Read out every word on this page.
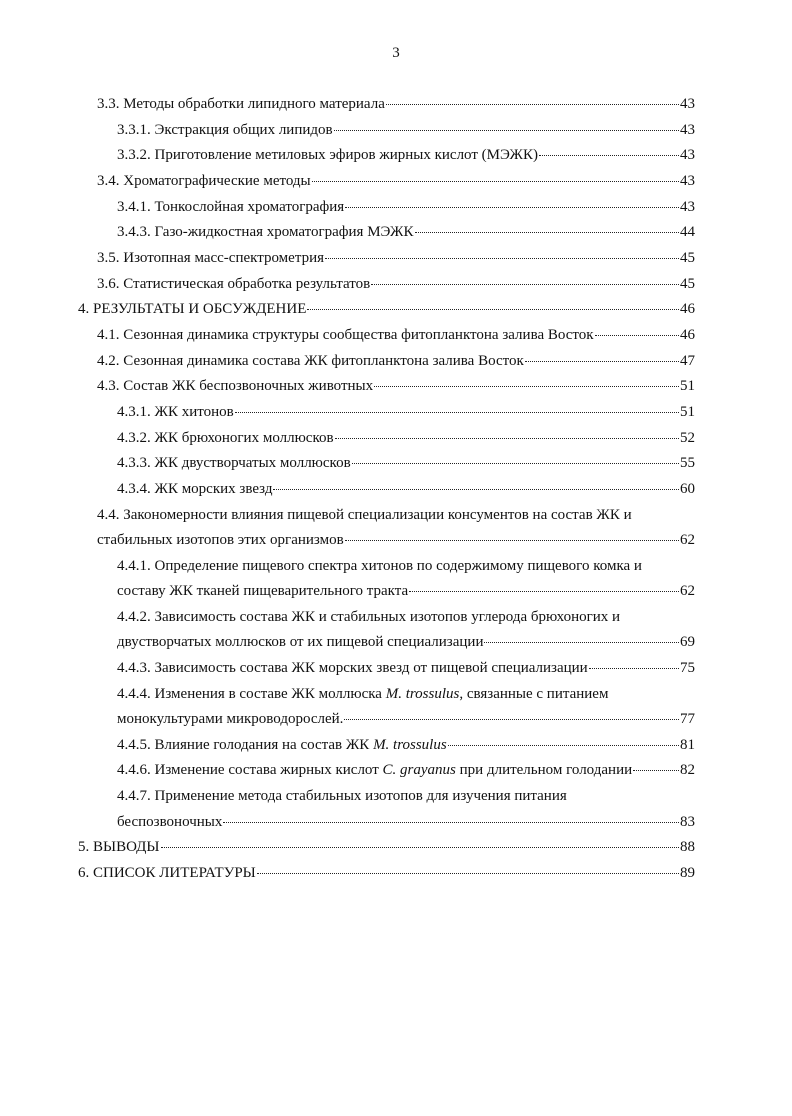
3
3.3. Методы обработки липидного материала	43
3.3.1. Экстракция общих липидов	43
3.3.2. Приготовление метиловых эфиров жирных кислот (МЭЖК)	43
3.4. Хроматографические методы	43
3.4.1. Тонкослойная хроматография	43
3.4.3. Газо-жидкостная хроматография МЭЖК	44
3.5. Изотопная масс-спектрометрия	45
3.6. Статистическая обработка результатов	45
4. РЕЗУЛЬТАТЫ И ОБСУЖДЕНИЕ	46
4.1. Сезонная динамика структуры сообщества фитопланктона залива Восток	46
4.2. Сезонная динамика состава ЖК фитопланктона залива Восток	47
4.3. Состав ЖК беспозвоночных животных	51
4.3.1. ЖК хитонов	51
4.3.2. ЖК брюхоногих моллюсков	52
4.3.3. ЖК двустворчатых моллюсков	55
4.3.4. ЖК морских звезд	60
4.4. Закономерности влияния пищевой специализации консументов на состав ЖК и
стабильных изотопов этих организмов	62
4.4.1. Определение пищевого спектра хитонов по содержимому пищевого комка и
составу ЖК тканей пищеварительного тракта	62
4.4.2. Зависимость состава ЖК и стабильных изотопов углерода брюхоногих и
двустворчатых моллюсков от их пищевой специализации	69
4.4.3. Зависимость состава ЖК морских звезд от пищевой специализации	75
4.4.4. Изменения в составе ЖК моллюска M. trossulus, связанные с питанием
монокультурами микроводорослей.	77
4.4.5. Влияние голодания на состав ЖК M. trossulus	81
4.4.6. Изменение состава жирных кислот C. grayanus при длительном голодании	82
4.4.7. Применение метода стабильных изотопов для изучения питания
беспозвоночных	83
5. ВЫВОДЫ	88
6. СПИСОК ЛИТЕРАТУРЫ	89
